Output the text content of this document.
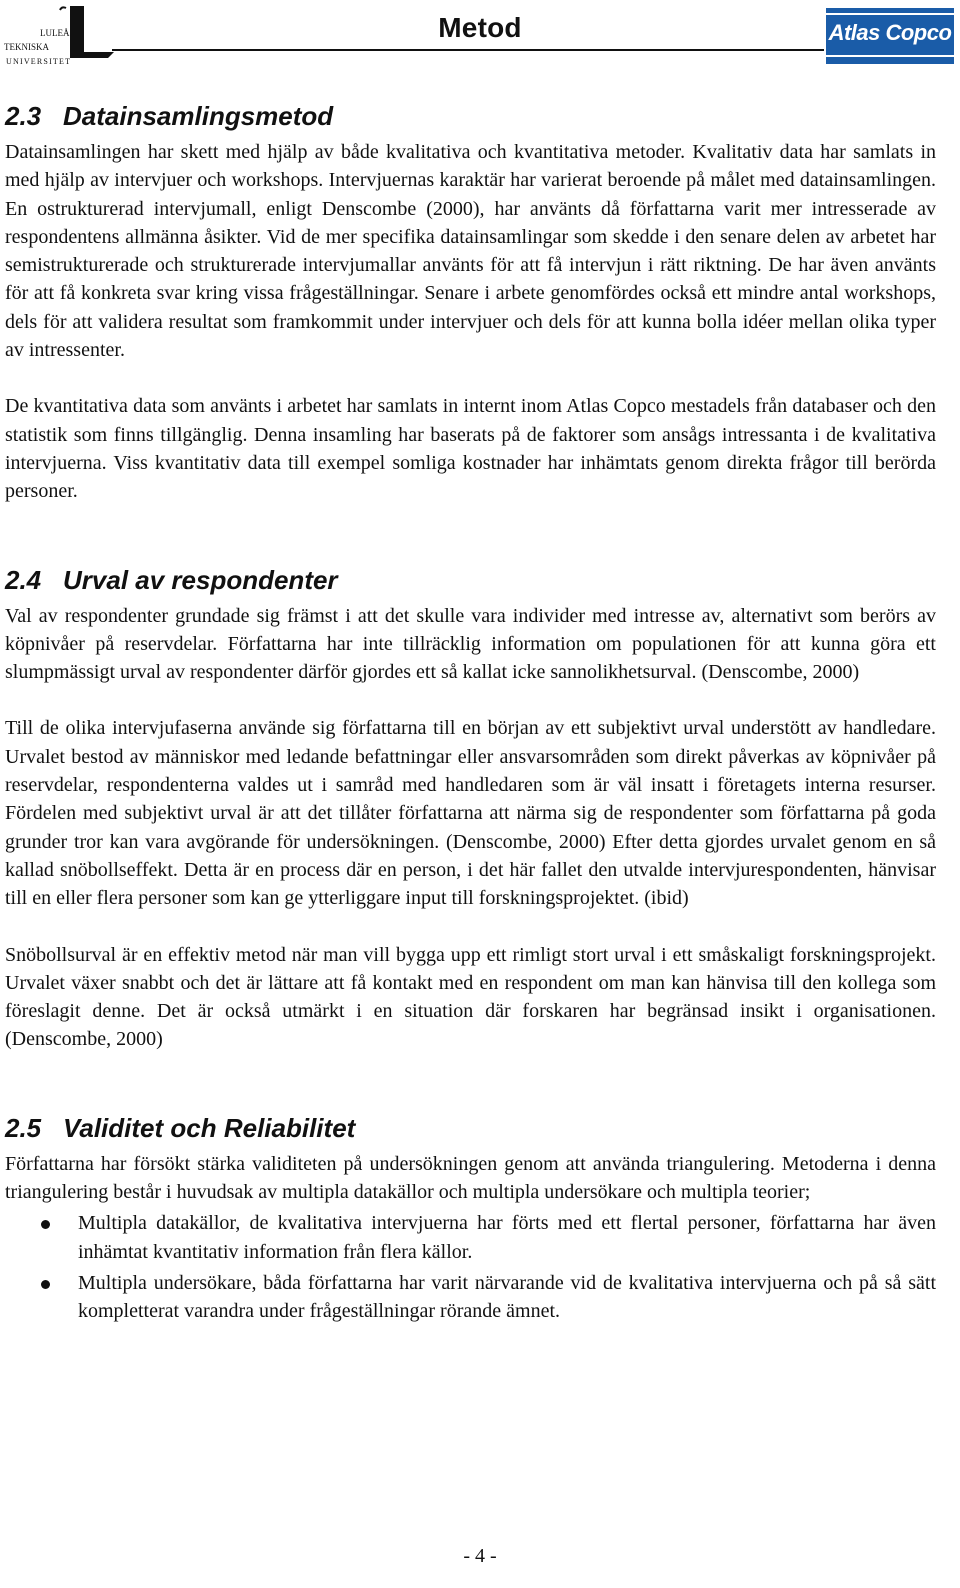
LULEÅ
TEKNISKA
UNIVERSITET
Metod	Atlas Copco
2.3 Datainsamlingsmetod

Datainsamlingen har skett med hjälp av både kvalitativa och kvantitativa metoder. Kvalitativ data har samlats in med hjälp av intervjuer och workshops. Intervjuernas karaktär har varierat beroende på målet med datainsamlingen. En ostrukturerad intervjumall, enligt Denscombe (2000), har använts då författarna varit mer intresserade av respondentens allmänna åsikter. Vid de mer specifika datainsamlingar som skedde i den senare delen av arbetet har semistrukturerade och strukturerade intervjumallar använts för att få intervjun i rätt riktning. De har även använts för att få konkreta svar kring vissa frågeställningar. Senare i arbete genomfördes också ett mindre antal workshops, dels för att validera resultat som framkommit under intervjuer och dels för att kunna bolla idéer mellan olika typer av intressenter.

De kvantitativa data som använts i arbetet har samlats in internt inom Atlas Copco mestadels från databaser och den statistik som finns tillgänglig. Denna insamling har baserats på de faktorer som ansågs intressanta i de kvalitativa intervjuerna. Viss kvantitativ data till exempel somliga kostnader har inhämtats genom direkta frågor till berörda personer.

2.4 Urval av respondenter

Val av respondenter grundade sig främst i att det skulle vara individer med intresse av, alternativt som berörs av köpnivåer på reservdelar. Författarna har inte tillräcklig information om populationen för att kunna göra ett slumpmässigt urval av respondenter därför gjordes ett så kallat icke sannolikhetsurval. (Denscombe, 2000)

Till de olika intervjufaserna använde sig författarna till en början av ett subjektivt urval understött av handledare. Urvalet bestod av människor med ledande befattningar eller ansvarsområden som direkt påverkas av köpnivåer på reservdelar, respondenterna valdes ut i samråd med handledaren som är väl insatt i företagets interna resurser. Fördelen med subjektivt urval är att det tillåter författarna att närma sig de respondenter som författarna på goda grunder tror kan vara avgörande för undersökningen. (Denscombe, 2000) Efter detta gjordes urvalet genom en så kallad snöbollseffekt. Detta är en process där en person, i det här fallet den utvalde intervjurespondenten, hänvisar till en eller flera personer som kan ge ytterliggare input till forskningsprojektet. (ibid)

Snöbollsurval är en effektiv metod när man vill bygga upp ett rimligt stort urval i ett småskaligt forskningsprojekt. Urvalet växer snabbt och det är lättare att få kontakt med en respondent om man kan hänvisa till den kollega som föreslagit denne. Det är också utmärkt i en situation där forskaren har begränsad insikt i organisationen. (Denscombe, 2000)

2.5 Validitet och Reliabilitet

Författarna har försökt stärka validiteten på undersökningen genom att använda triangulering. Metoderna i denna triangulering består i huvudsak av multipla datakällor och multipla undersökare och multipla teorier;

Multipla datakällor, de kvalitativa intervjuerna har förts med ett flertal personer, författarna har även inhämtat kvantitativ information från flera källor.
Multipla undersökare, båda författarna har varit närvarande vid de kvalitativa intervjuerna och på så sätt kompletterat varandra under frågeställningar rörande ämnet.
- 4 -
